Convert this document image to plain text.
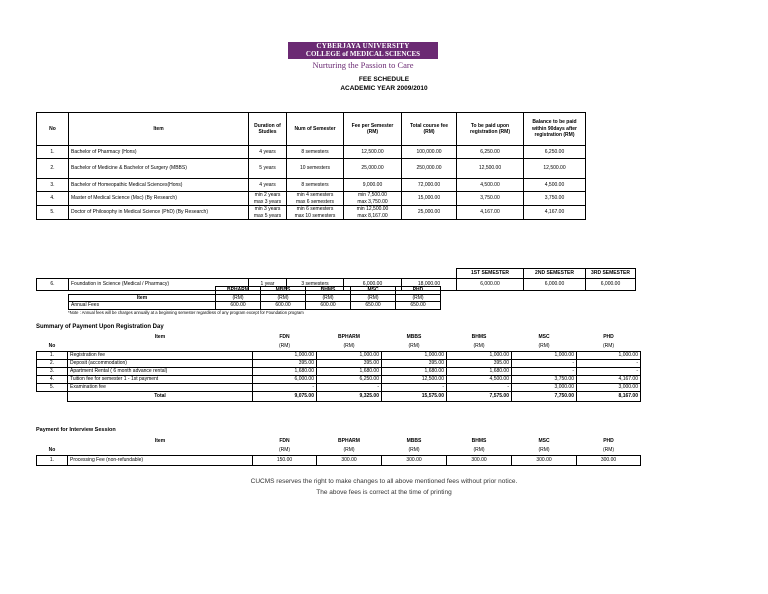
CYBERJAYA UNIVERSITY
COLLEGE of MEDICAL SCIENCES
Nurturing the Passion to Care
FEE SCHEDULE
ACADEMIC YEAR 2009/2010
No	Item	Duration of Studies	Num of Semester	Fee per Semester (RM)	Total course fee (RM)	To be paid upon registration (RM)	Balance to be paid within 90days after registration (RM)
1.	Bachelor of Pharmacy (Hons)	4 years	8 semesters	12,500.00	100,000.00	6,250.00	6,250.00
2.	Bachelor of Medicine & Bachelor of Surgery (MBBS)	5 years	10 semesters	25,000.00	250,000.00	12,500.00	12,500.00
3.	Bachelor of Homeopathic Medical Sciences(Hons)	4 years	8 semesters	9,000.00	72,000.00	4,500.00	4,500.00
4.	Master of Medical Science (Msc) (By Research)	min 2 years
max 3 years	min 4 semesters
max 6 semesters	min 7,500.00
max 3,750.00	15,000.00	3,750.00	3,750.00
5.	Doctor of Philosophy in Medical Science (PhD) (By Research)	min 3 years
max 5 years	min 6 semesters
max 10 semesters	min 12,500.00
max 8,167.00	25,000.00	4,167.00	4,167.00
						1ST SEMESTER	2ND SEMESTER	3RD SEMESTER
6.	Foundation in Science (Medical / Pharmacy)	1 year	3 semesters	6,000.00	18,000.00	6,000.00	6,000.00	6,000.00
	BPHARM	MBBS	BHMS	MSC	PHD
Item	(RM)	(RM)	(RM)	(RM)	(RM)
Annual Fees	600.00	600.00	600.00	650.00	650.00
*Note : Annual fees will be charges annually at a beginning semester regardless of any program except for Foundation program
Summary of Payment Upon Registration Day
	Item	FDN	BPHARM	MBBS	BHMS	MSC	PHD
No		(RM)	(RM)	(RM)	(RM)	(RM)	(RM)
1.	Registration fee	1,000.00	1,000.00	1,000.00	1,000.00	1,000.00	1,000.00
2.	Deposit (accommodation)	395.00	395.00	395.00	395.00	-	-
3.	Apartment Rental ( 6 month advance rental)	1,680.00	1,680.00	1,680.00	1,680.00	-	-
4.	Tuition fee for semester 1 - 1st payment	6,000.00	6,250.00	12,500.00	4,500.00	3,750.00	4,167.00
5.	Examination fee	-	-	-	-	3,000.00	3,000.00
	Total	9,075.00	9,325.00	15,575.00	7,575.00	7,750.00	8,167.00
Payment for Interview Session
	Item	FDN	BPHARM	MBBS	BHMS	MSC	PHD
No		(RM)	(RM)	(RM)	(RM)	(RM)	(RM)
1.	Processing Fee (non-refundable)	150.00	300.00	300.00	300.00	300.00	300.00
CUCMS reserves the right to make changes to all above mentioned fees without prior notice.
The above fees is correct at the time of printing
